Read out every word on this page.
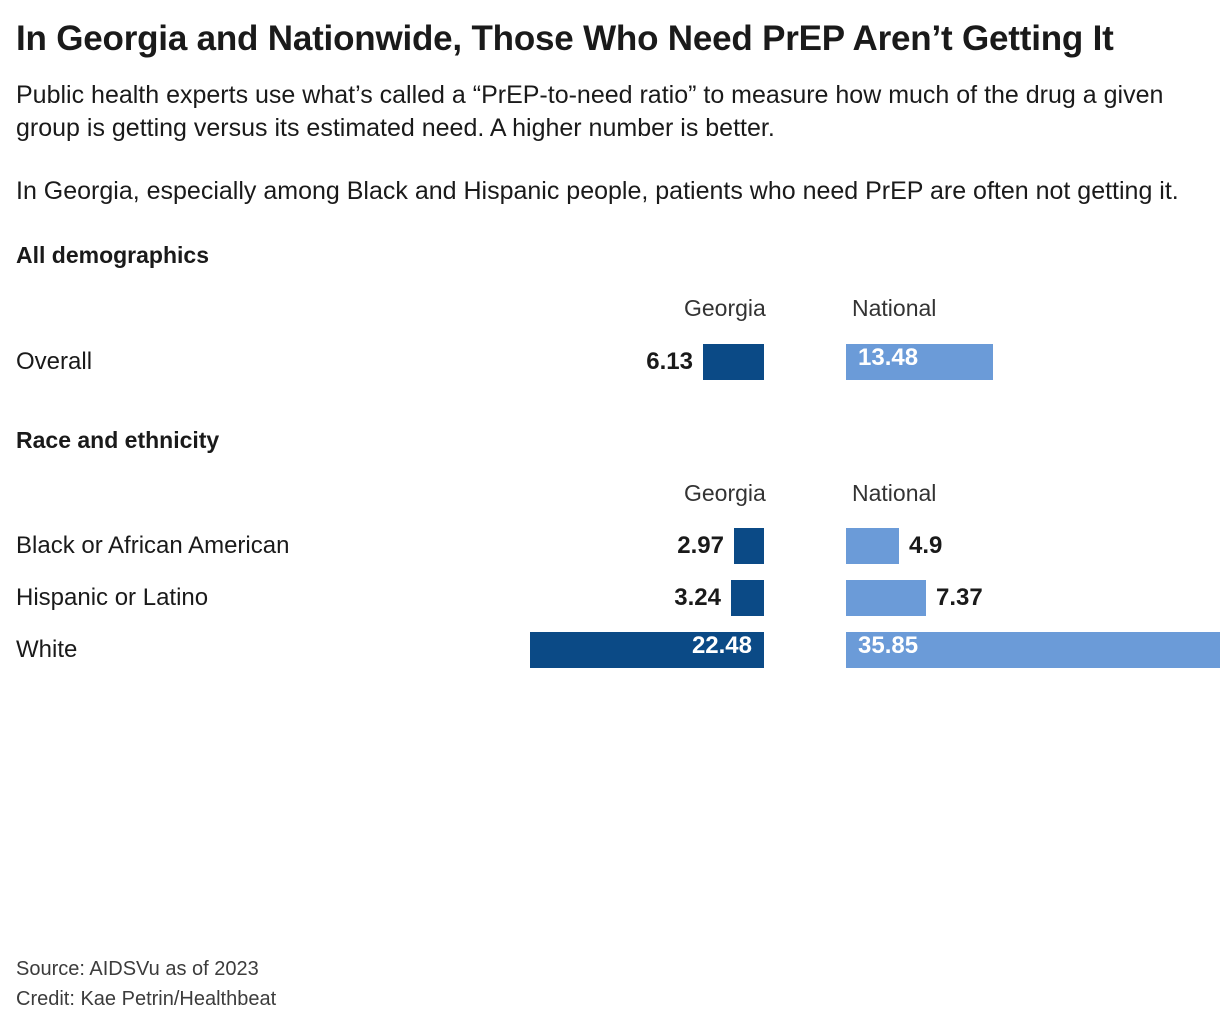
In Georgia and Nationwide, Those Who Need PrEP Aren’t Getting It

Public health experts use what’s called a “PrEP-to-need ratio” to measure how much of the drug a given group is getting versus its estimated need. A higher number is better.

In Georgia, especially among Black and Hispanic people, patients who need PrEP are often not getting it.

All demographics
Georgia	National
Overall	6.13	13.48
Race and ethnicity
Georgia	National
Black or African American	2.97	4.9
Hispanic or Latino	3.24	7.37
White	22.48	35.85
Source: AIDSVu as of 2023
Credit: Kae Petrin/Healthbeat
